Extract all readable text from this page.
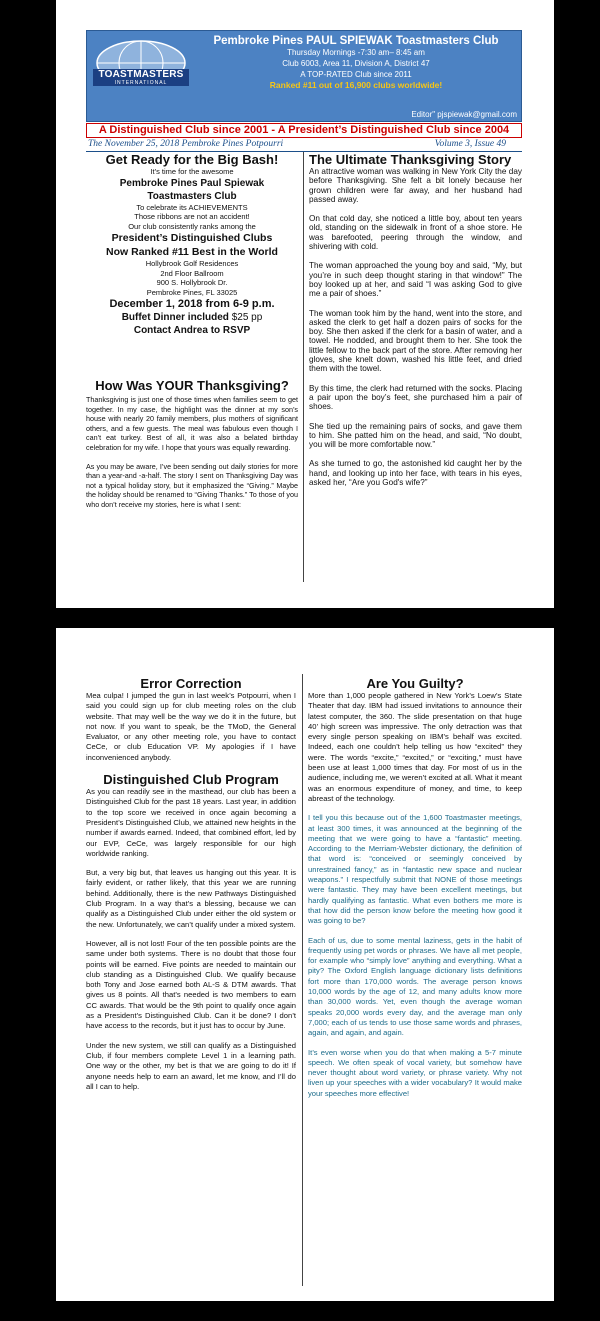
TOASTMASTERS
INTERNATIONAL
Pembroke Pines PAUL SPIEWAK Toastmasters Club
Thursday Mornings -7:30 am– 8:45 am
Club 6003, Area 11, Division A, District 47
A TOP-RATED Club since 2011
Ranked #11 out of 16,900 clubs worldwide!
Editor" pjspiewak@gmail.com
A Distinguished Club since 2001 - A President’s Distinguished Club since 2004
The November 25, 2018 Pembroke Pines Potpourri	Volume 3, Issue 49
Get Ready for the Big Bash!

It’s time for the awesome

Pembroke Pines Paul Spiewak

Toastmasters Club

To celebrate its ACHIEVEMENTS

Those ribbons are not an accident!

Our club consistently ranks among the

President’s Distinguished Clubs

Now Ranked #11 Best in the World

Hollybrook Golf Residences

2nd Floor Ballroom

900 S. Hollybrook Dr.

Pembroke Pines, FL 33025

December 1, 2018 from 6-9 p.m.

Buffet Dinner included $25 pp

Contact Andrea to RSVP

How Was YOUR Thanksgiving?

Thanksgiving is just one of those times when families seem to get together. In my case, the highlight was the dinner at my son’s house with nearly 20 family members, plus mothers of significant others, and a few guests. The meal was fabulous even though I can’t eat turkey. Best of all, it was also a belated birthday celebration for my wife. I hope that yours was equally rewarding.

As you may be aware, I’ve been sending out daily stories for more than a year-and -a-half. The story I sent on Thanksgiving Day was not a typical holiday story, but it emphasized the “Giving.” Maybe the holiday should be renamed to “Giving Thanks.” To those of you who don’t receive my stories, here is what I sent:

The Ultimate Thanksgiving Story

An attractive woman was walking in New York City the day before Thanksgiving. She felt a bit lonely because her grown children were far away, and her husband had passed away.

On that cold day, she noticed a little boy, about ten years old, standing on the sidewalk in front of a shoe store. He was barefooted, peering through the window, and shivering with cold.

The woman approached the young boy and said, “My, but you’re in such deep thought staring in that window!” The boy looked up at her, and said “I was asking God to give me a pair of shoes.”

The woman took him by the hand, went into the store, and asked the clerk to get half a dozen pairs of socks for the boy. She then asked if the clerk for a basin of water, and a towel. He nodded, and brought them to her. She took the little fellow to the back part of the store. After removing her gloves, she knelt down, washed his little feet, and dried them with the towel.

By this time, the clerk had returned with the socks. Placing a pair upon the boy’s feet, she purchased him a pair of shoes.

She tied up the remaining pairs of socks, and gave them to him. She patted him on the head, and said, “No doubt, you will be more comfortable now.”

As she turned to go, the astonished kid caught her by the hand, and looking up into her face, with tears in his eyes, asked her, “Are you God's wife?”

Error Correction

Mea culpa! I jumped the gun in last week’s Potpourri, when I said you could sign up for club meeting roles on the club website. That may well be the way we do it in the future, but not now. If you want to speak, be the TMoD, the General Evaluator, or any other meeting role, you have to contact CeCe, or club Education VP. My apologies if I have inconvenienced anybody.

Distinguished Club Program

As you can readily see in the masthead, our club has been a Distinguished Club for the past 18 years. Last year, in addition to the top score we received in once again becoming a President’s Distinguished Club, we attained new heights in the number if awards earned. Indeed, that combined effort, led by our EVP, CeCe, was largely responsible for our high worldwide ranking.

But, a very big but, that leaves us hanging out this year. It is fairly evident, or rather likely, that this year we are running behind. Additionally, there is the new Pathways Distinguished Club Program. In a way that’s a blessing, because we can qualify as a Distinguished Club under either the old system or the new. Unfortunately, we can’t qualify under a mixed system.

However, all is not lost! Four of the ten possible points are the same under both systems. There is no doubt that those four points will be earned. Five points are needed to maintain our club standing as a Distinguished Club. We qualify because both Tony and Jose earned both AL-S & DTM awards. That gives us 8 points. All that’s needed is two members to earn CC awards. That would be the 9th point to qualify once again as a President’s Distinguished Club. Can it be done? I don’t have access to the records, but it just has to occur by June.

Under the new system, we still can qualify as a Distinguished Club, if four members complete Level 1 in a learning path. One way or the other, my bet is that we are going to do it! If anyone needs help to earn an award, let me know, and I’ll do all I can to help.

Are You Guilty?

More than 1,000 people gathered in New York’s Loew’s State Theater that day. IBM had issued invitations to announce their latest computer, the 360. The slide presentation on that huge 40’ high screen was impressive. The only detraction was that every single person speaking on IBM’s behalf was excited. Indeed, each one couldn’t help telling us how “excited” they were. The words “excite,” “excited,” or “exciting,” must have been use at least 1,000 times that day. For most of us in the audience, including me, we weren’t excited at all. What it meant was an enormous expenditure of money, and time, to keep abreast of the technology.

I tell you this because out of the 1,600 Toastmaster meetings, at least 300 times, it was announced at the beginning of the meeting that we were going to have a “fantastic” meeting. According to the Merriam-Webster dictionary, the definition of that word is: “conceived or seemingly conceived by unrestrained fancy,” as in “fantastic new space and nuclear weapons.” I respectfully submit that NONE of those meetings were fantastic. They may have been excellent meetings, but hardly qualifying as fantastic. What even bothers me more is that how did the person know before the meeting how good it was going to be?

Each of us, due to some mental laziness, gets in the habit of frequently using pet words or phrases. We have all met people, for example who “simply love” anything and everything. What a pity? The Oxford English language dictionary lists definitions fort more than 170,000 words. The average person knows 10,000 words by the age of 12, and many adults know more than 30,000 words. Yet, even though the average woman speaks 20,000 words every day, and the average man only 7,000; each of us tends to use those same words and phrases, again, and again, and again.

It’s even worse when you do that when making a 5-7 minute speech. We often speak of vocal variety, but somehow have never thought about word variety, or phrase variety. Why not liven up your speeches with a wider vocabulary? It would make your speeches more effective!
